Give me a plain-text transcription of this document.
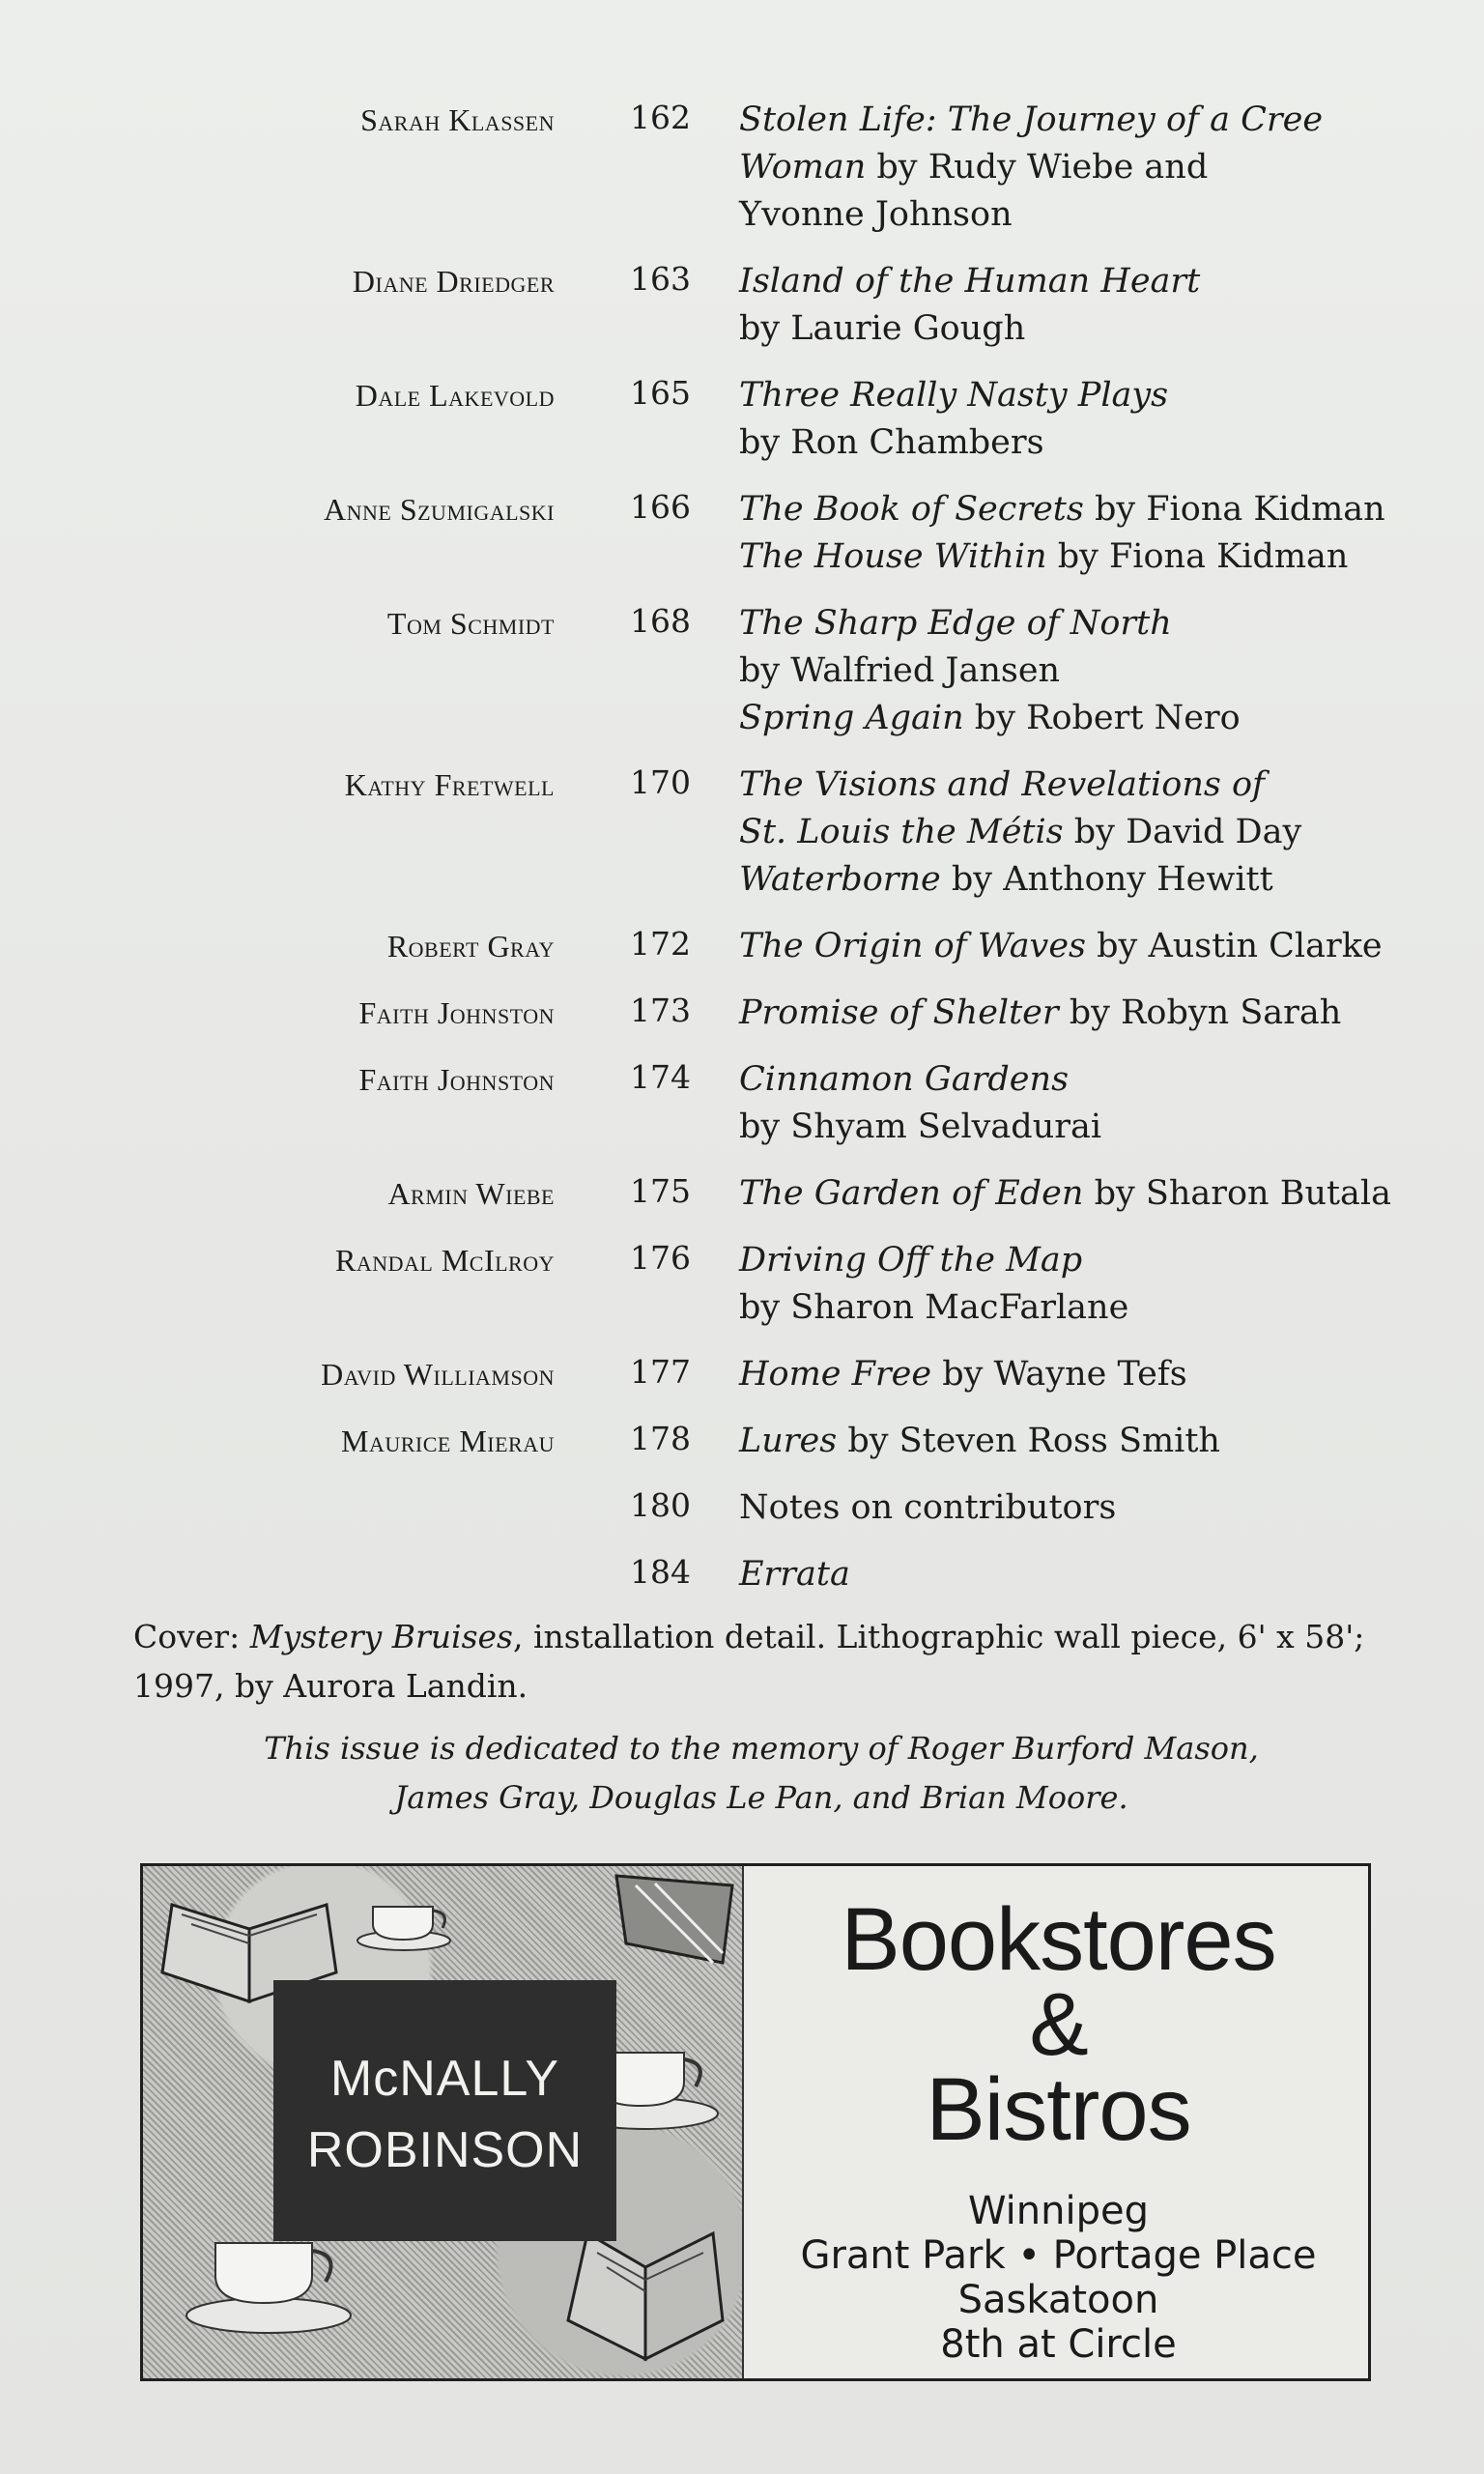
Sarah Klassen 162 Stolen Life: The Journey of a Cree
Woman by Rudy Wiebe and
Yvonne Johnson
Diane Driedger 163 Island of the Human Heart
by Laurie Gough
Dale Lakevold 165 Three Really Nasty Plays
by Ron Chambers
Anne Szumigalski 166 The Book of Secrets by Fiona Kidman
The House Within by Fiona Kidman
Tom Schmidt 168 The Sharp Edge of North
by Walfried Jansen
Spring Again by Robert Nero
Kathy Fretwell 170 The Visions and Revelations of
St. Louis the Métis by David Day
Waterborne by Anthony Hewitt
Robert Gray 172 The Origin of Waves by Austin Clarke
Faith Johnston 173 Promise of Shelter by Robyn Sarah
Faith Johnston 174 Cinnamon Gardens
by Shyam Selvadurai
Armin Wiebe 175 The Garden of Eden by Sharon Butala
Randal McIlroy 176 Driving Off the Map
by Sharon MacFarlane
David Williamson 177 Home Free by Wayne Tefs
Maurice Mierau 178 Lures by Steven Ross Smith
180 Notes on contributors
184 Errata
Cover: Mystery Bruises, installation detail. Lithographic wall piece, 6' x 58';
1997, by Aurora Landin.
This issue is dedicated to the memory of Roger Burford Mason,
James Gray, Douglas Le Pan, and Brian Moore.
McNALLY
ROBINSON
Bookstores
&
Bistros
Winnipeg
Grant Park • Portage Place
Saskatoon
8th at Circle
